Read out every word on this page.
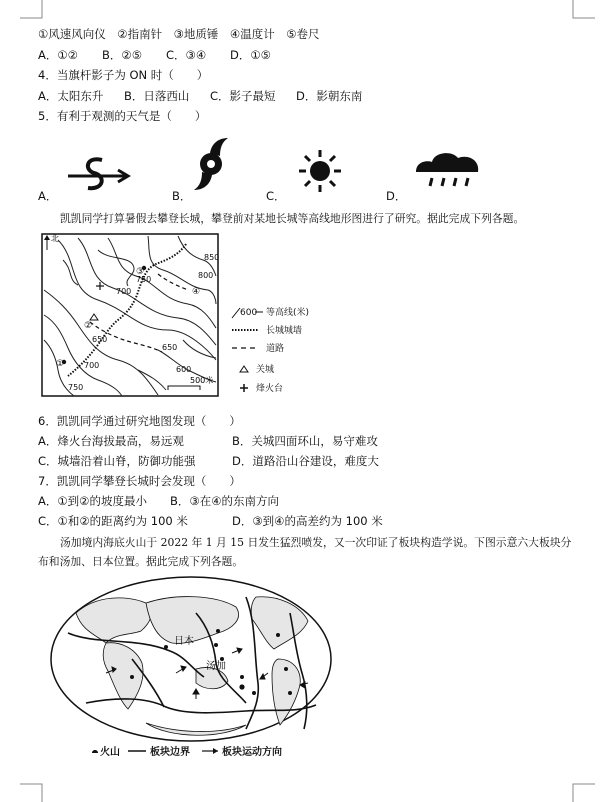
①风速风向仪　②指南针　③地质锤　④温度计　⑤卷尺
A．①② B．②⑤ C．③④ D．①⑤
4．当旗杆影子为 ON 时（　　）
A．太阳东升 B．日落西山 C．影子最短 D．影朝东南
5．有利于观测的天气是（　　）
A．	B．	C．	D．
凯凯同学打算暑假去攀登长城，攀登前对某地长城等高线地形图进行了研究。据此完成下列各题。
北
850
800
750
700
650
600
650
700
750
①
②
③
④
500米
600 等高线(米)
长城城墙
道路
关城
烽火台
6．凯凯同学通过研究地图发现（　　）
A．烽火台海拔最高，易远观	B．关城四面环山，易守难攻
C．城墙沿着山脊，防御功能强	D．道路沿山谷建设，难度大
7．凯凯同学攀登长城时会发现（　　）
A．①到②的坡度最小 B．③在④的东南方向
C．①和②的距离约为 100 米	D．③到④的高差约为 100 米
汤加境内海底火山于 2022 年 1 月 15 日发生猛烈喷发，又一次印证了板块构造学说。下图示意六大板块分
布和汤加、日本位置。据此完成下列各题。
日本
汤加
火山	板块边界	板块运动方向
